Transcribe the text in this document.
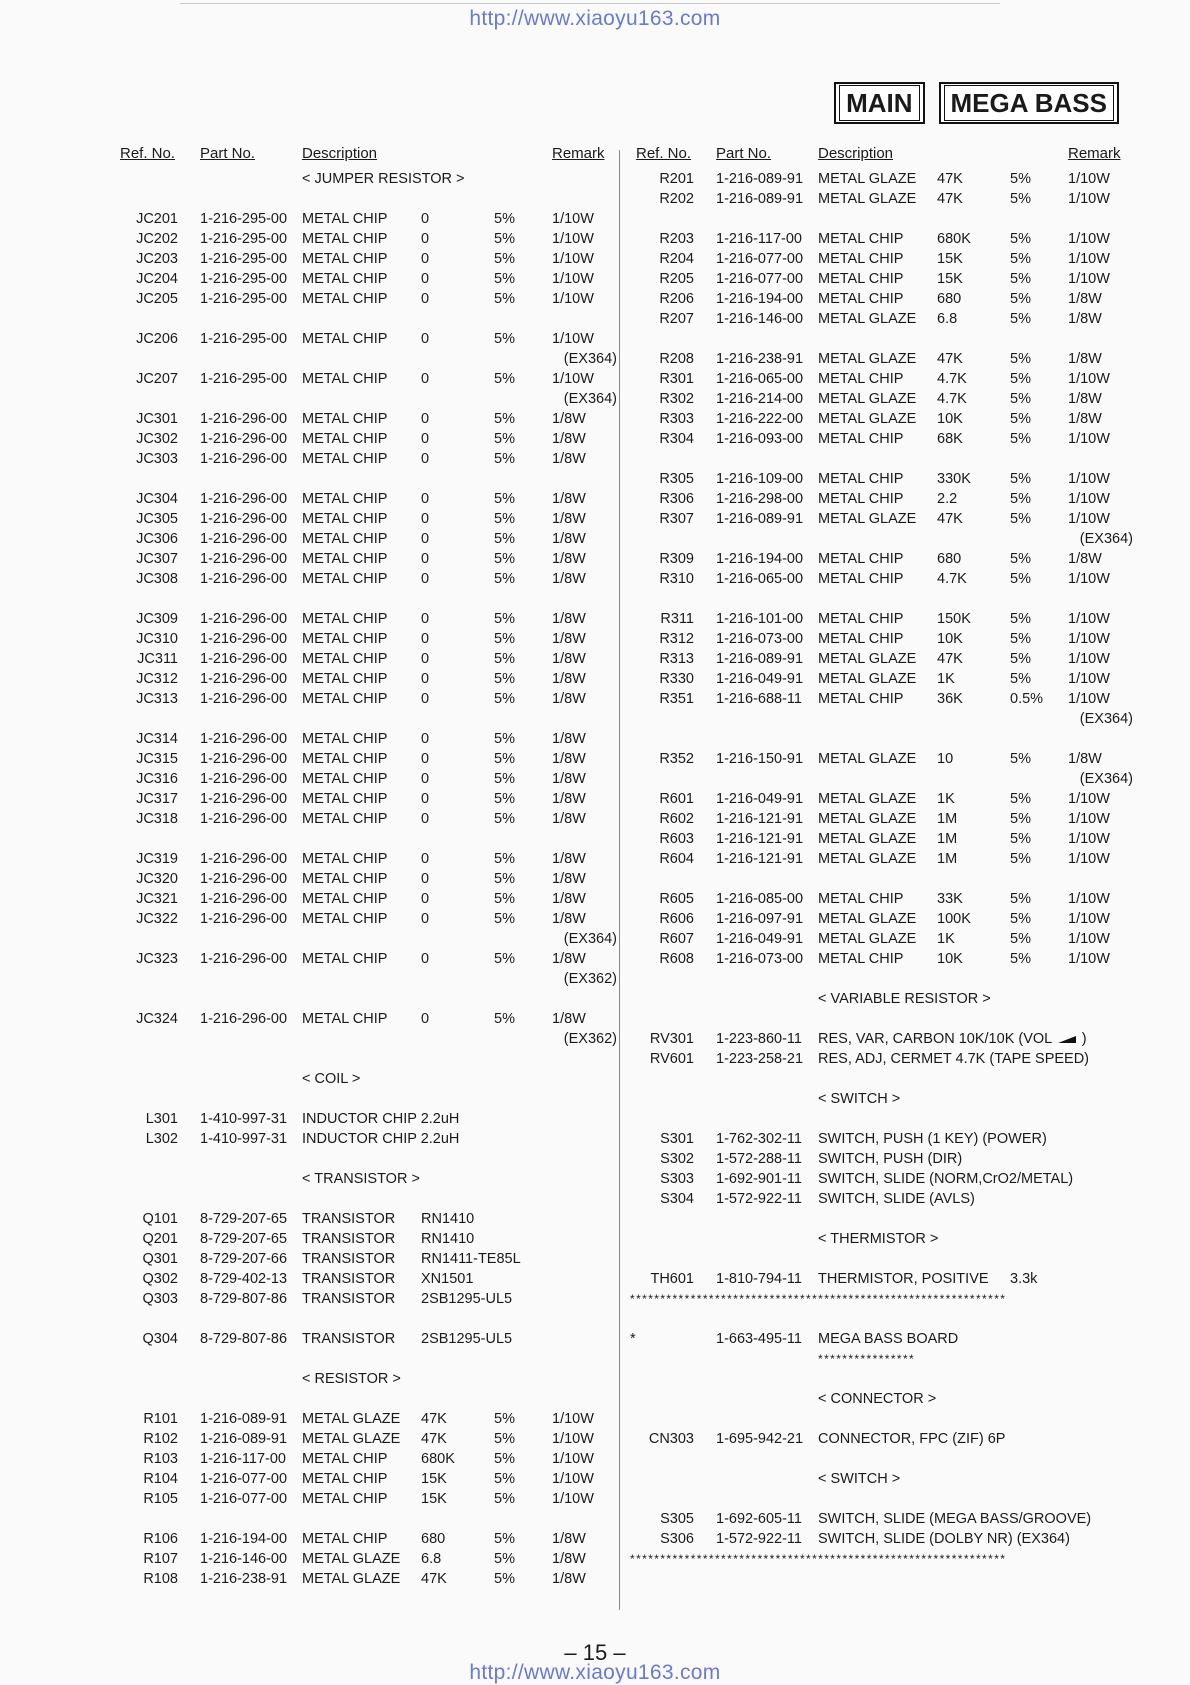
http://www.xiaoyu163.com
MAIN MEGA BASS
Ref. No. Part No.	Description	Remark
< JUMPER RESISTOR >
JC201 1-216-295-00 METAL CHIP 0	5%	1/10W
JC202 1-216-295-00 METAL CHIP 0	5%	1/10W
JC203 1-216-295-00 METAL CHIP 0	5%	1/10W
JC204 1-216-295-00 METAL CHIP 0	5%	1/10W
JC205 1-216-295-00 METAL CHIP 0	5%	1/10W
JC206 1-216-295-00 METAL CHIP 0	5%	1/10W
(EX364)
JC207 1-216-295-00 METAL CHIP 0	5%	1/10W
(EX364)
JC301 1-216-296-00 METAL CHIP 0	5%	1/8W
JC302 1-216-296-00 METAL CHIP 0	5%	1/8W
JC303 1-216-296-00 METAL CHIP 0	5%	1/8W
JC304 1-216-296-00 METAL CHIP 0	5%	1/8W
JC305 1-216-296-00 METAL CHIP 0	5%	1/8W
JC306 1-216-296-00 METAL CHIP 0	5%	1/8W
JC307 1-216-296-00 METAL CHIP 0	5%	1/8W
JC308 1-216-296-00 METAL CHIP 0	5%	1/8W
JC309 1-216-296-00 METAL CHIP 0	5%	1/8W
JC310 1-216-296-00 METAL CHIP 0	5%	1/8W
JC311 1-216-296-00 METAL CHIP 0	5%	1/8W
JC312 1-216-296-00 METAL CHIP 0	5%	1/8W
JC313 1-216-296-00 METAL CHIP 0	5%	1/8W
JC314 1-216-296-00 METAL CHIP 0	5%	1/8W
JC315 1-216-296-00 METAL CHIP 0	5%	1/8W
JC316 1-216-296-00 METAL CHIP 0	5%	1/8W
JC317 1-216-296-00 METAL CHIP 0	5%	1/8W
JC318 1-216-296-00 METAL CHIP 0	5%	1/8W
JC319 1-216-296-00 METAL CHIP 0	5%	1/8W
JC320 1-216-296-00 METAL CHIP 0	5%	1/8W
JC321 1-216-296-00 METAL CHIP 0	5%	1/8W
JC322 1-216-296-00 METAL CHIP 0	5%	1/8W
(EX364)
JC323 1-216-296-00 METAL CHIP 0	5%	1/8W
(EX362)
JC324 1-216-296-00 METAL CHIP 0	5%	1/8W
(EX362)
< COIL >
L301 1-410-997-31 INDUCTOR CHIP 2.2uH
L302 1-410-997-31 INDUCTOR CHIP 2.2uH
< TRANSISTOR >
Q101 8-729-207-65 TRANSISTOR RN1410
Q201 8-729-207-65 TRANSISTOR RN1410
Q301 8-729-207-66 TRANSISTOR RN1411-TE85L
Q302 8-729-402-13 TRANSISTOR XN1501
Q303 8-729-807-86 TRANSISTOR 2SB1295-UL5
Q304 8-729-807-86 TRANSISTOR 2SB1295-UL5
< RESISTOR >
R101 1-216-089-91 METAL GLAZE 47K	5%	1/10W
R102 1-216-089-91 METAL GLAZE 47K	5%	1/10W
R103 1-216-117-00 METAL CHIP 680K	5%	1/10W
R104 1-216-077-00 METAL CHIP 15K	5%	1/10W
R105 1-216-077-00 METAL CHIP 15K	5%	1/10W
R106 1-216-194-00 METAL CHIP 680	5%	1/8W
R107 1-216-146-00 METAL GLAZE 6.8	5%	1/8W
R108 1-216-238-91 METAL GLAZE 47K	5%	1/8W
Ref. No. Part No.	Description	Remark
R201 1-216-089-91 METAL GLAZE 47K	5%	1/10W
R202 1-216-089-91 METAL GLAZE 47K	5%	1/10W
R203 1-216-117-00 METAL CHIP 680K	5%	1/10W
R204 1-216-077-00 METAL CHIP 15K	5%	1/10W
R205 1-216-077-00 METAL CHIP 15K	5%	1/10W
R206 1-216-194-00 METAL CHIP 680	5%	1/8W
R207 1-216-146-00 METAL GLAZE 6.8	5%	1/8W
R208 1-216-238-91 METAL GLAZE 47K	5%	1/8W
R301 1-216-065-00 METAL CHIP 4.7K	5%	1/10W
R302 1-216-214-00 METAL GLAZE 4.7K	5%	1/8W
R303 1-216-222-00 METAL GLAZE 10K	5%	1/8W
R304 1-216-093-00 METAL CHIP 68K	5%	1/10W
R305 1-216-109-00 METAL CHIP 330K	5%	1/10W
R306 1-216-298-00 METAL CHIP 2.2	5%	1/10W
R307 1-216-089-91 METAL GLAZE 47K	5%	1/10W
(EX364)
R309 1-216-194-00 METAL CHIP 680	5%	1/8W
R310 1-216-065-00 METAL CHIP 4.7K	5%	1/10W
R311 1-216-101-00 METAL CHIP 150K	5%	1/10W
R312 1-216-073-00 METAL CHIP 10K	5%	1/10W
R313 1-216-089-91 METAL GLAZE 47K	5%	1/10W
R330 1-216-049-91 METAL GLAZE 1K	5%	1/10W
R351 1-216-688-11 METAL CHIP 36K	0.5% 1/10W
(EX364)
R352 1-216-150-91 METAL GLAZE 10	5%	1/8W
(EX364)
R601 1-216-049-91 METAL GLAZE 1K	5%	1/10W
R602 1-216-121-91 METAL GLAZE 1M	5%	1/10W
R603 1-216-121-91 METAL GLAZE 1M	5%	1/10W
R604 1-216-121-91 METAL GLAZE 1M	5%	1/10W
R605 1-216-085-00 METAL CHIP 33K	5%	1/10W
R606 1-216-097-91 METAL GLAZE 100K	5%	1/10W
R607 1-216-049-91 METAL GLAZE 1K	5%	1/10W
R608 1-216-073-00 METAL CHIP 10K	5%	1/10W
< VARIABLE RESISTOR >
RV301 1-223-860-11 RES, VAR, CARBON 10K/10K (VOL  )
RV601 1-223-258-21 RES, ADJ, CERMET 4.7K (TAPE SPEED)
< SWITCH >
S301 1-762-302-11 SWITCH, PUSH (1 KEY) (POWER)
S302 1-572-288-11 SWITCH, PUSH (DIR)
S303 1-692-901-11 SWITCH, SLIDE (NORM,CrO2/METAL)
S304 1-572-922-11 SWITCH, SLIDE (AVLS)
< THERMISTOR >
TH601 1-810-794-11 THERMISTOR, POSITIVE 3.3k
**************************************************************
*	1-663-495-11 MEGA BASS BOARD
****************
< CONNECTOR >
CN303 1-695-942-21 CONNECTOR, FPC (ZIF) 6P
< SWITCH >
S305 1-692-605-11 SWITCH, SLIDE (MEGA BASS/GROOVE)
S306 1-572-922-11 SWITCH, SLIDE (DOLBY NR) (EX364)
**************************************************************
– 15 –
http://www.xiaoyu163.com
